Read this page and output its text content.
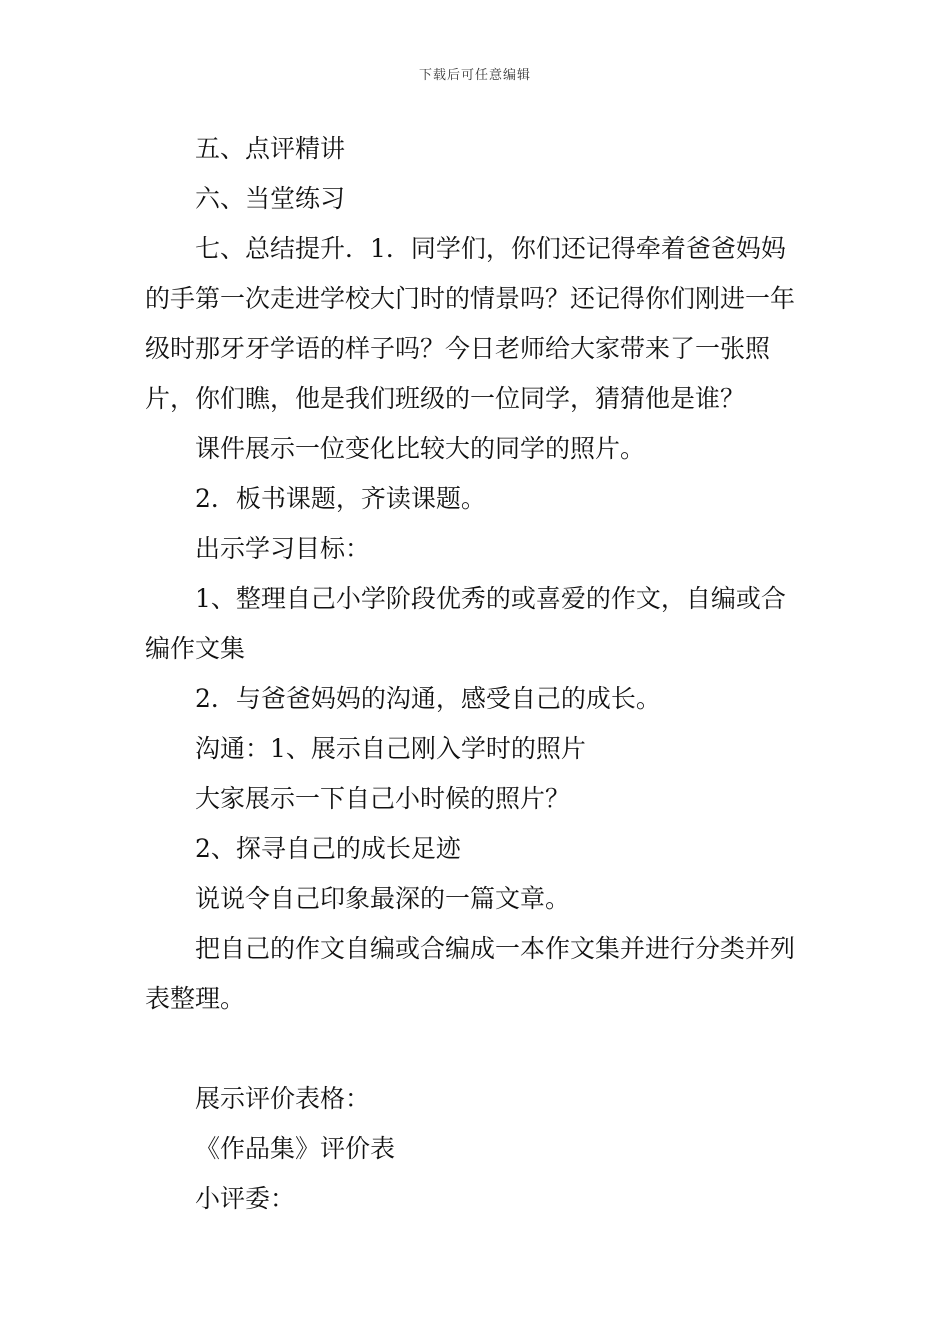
下载后可任意编辑

五、点评精讲

六、当堂练习

七、总结提升．1．同学们，你们还记得牵着爸爸妈妈的手第一次走进学校大门时的情景吗？还记得你们刚进一年级时那牙牙学语的样子吗？今日老师给大家带来了一张照片，你们瞧，他是我们班级的一位同学，猜猜他是谁？

课件展示一位变化比较大的同学的照片。

2．板书课题，齐读课题。

出示学习目标：

1、整理自己小学阶段优秀的或喜爱的作文，自编或合编作文集

2．与爸爸妈妈的沟通，感受自己的成长。

沟通：1、展示自己刚入学时的照片

大家展示一下自己小时候的照片？

2、探寻自己的成长足迹

说说令自己印象最深的一篇文章。

把自己的作文自编或合编成一本作文集并进行分类并列表整理。

展示评价表格：

《作品集》评价表

小评委：
